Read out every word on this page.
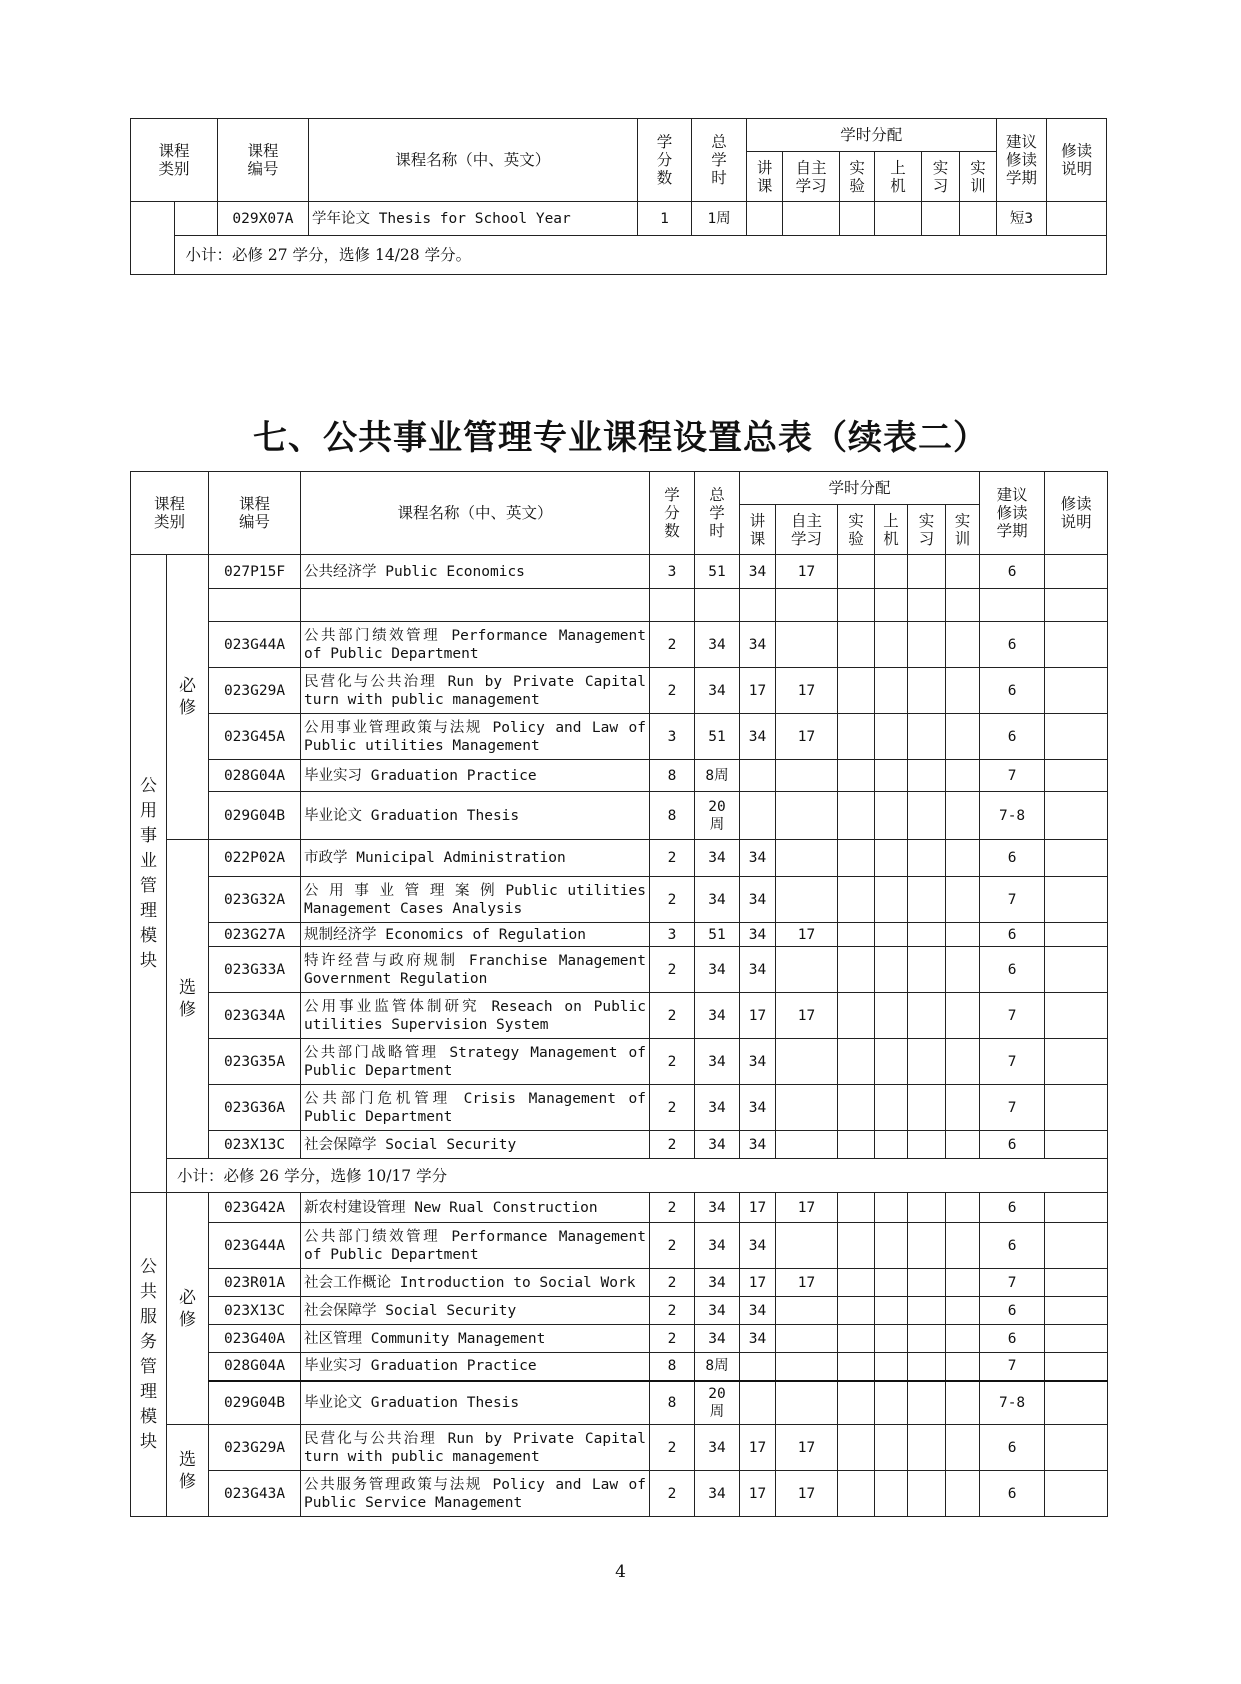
课程类别		课程编号	课程名称（中、英文）	学分数	总学时	学时分配						建议修读学期	修读说明

						讲课	自主学习	实验	上机	实习	实训		

		029X07A	学年论文 Thesis for School Year	1	1周							短3	
	小计：必修 27 学分，选修 14/28 学分。												
七、公共事业管理专业课程设置总表（续表二）
课程类别		课程编号	课程名称（中、英文）	学分数	总学时	学时分配						建议修读学期	修读说明

						讲课	自主学习	实验	上机	实习	实训		

公用事业管理模块	必修	027P15F	公共经济学 Public Economics	3	51	34	17					6	

		023G44A	公共部门绩效管理 Performance Management of Public Department	2	34	34						6	
		023G29A	民营化与公共治理 Run by Private Capital turn with public management	2	34	17	17					6	
		023G45A	公用事业管理政策与法规 Policy and Law of Public utilities Management	3	51	34	17					6	
		028G04A	毕业实习 Graduation Practice	8	8周							7	
		029G04B	毕业论文 Graduation Thesis	8	20周							7-8	

	选修	022P02A	市政学 Municipal Administration	2	34	34						6	
		023G32A	公 用 事 业 管 理 案 例 Public utilities Management Cases Analysis	2	34	34						7	
		023G27A	规制经济学 Economics of Regulation	3	51	34	17					6	
		023G33A	特许经营与政府规制 Franchise Management Government Regulation	2	34	34						6	
		023G34A	公用事业监管体制研究 Reseach on Public utilities Supervision System	2	34	17	17					7	
		023G35A	公共部门战略管理 Strategy Management of Public Department	2	34	34						7	
		023G36A	公共部门危机管理 Crisis Management of Public Department	2	34	34						7	
		023X13C	社会保障学 Social Security	2	34	34						6	
	小计：必修 26 学分，选修 10/17 学分												

公共服务管理模块	必修	023G42A	新农村建设管理 New Rual Construction	2	34	17	17					6	
		023G44A	公共部门绩效管理 Performance Management of Public Department	2	34	34						6	
		023R01A	社会工作概论 Introduction to Social Work	2	34	17	17					7	
		023X13C	社会保障学 Social Security	2	34	34						6	
		023G40A	社区管理 Community Management	2	34	34						6	
		028G04A	毕业实习 Graduation Practice	8	8周							7	
		029G04B	毕业论文 Graduation Thesis	8	20周							7-8	

	选修	023G29A	民营化与公共治理 Run by Private Capital turn with public management	2	34	17	17					6	
		023G43A	公共服务管理政策与法规 Policy and Law of Public Service Management	2	34	17	17					6	
4
